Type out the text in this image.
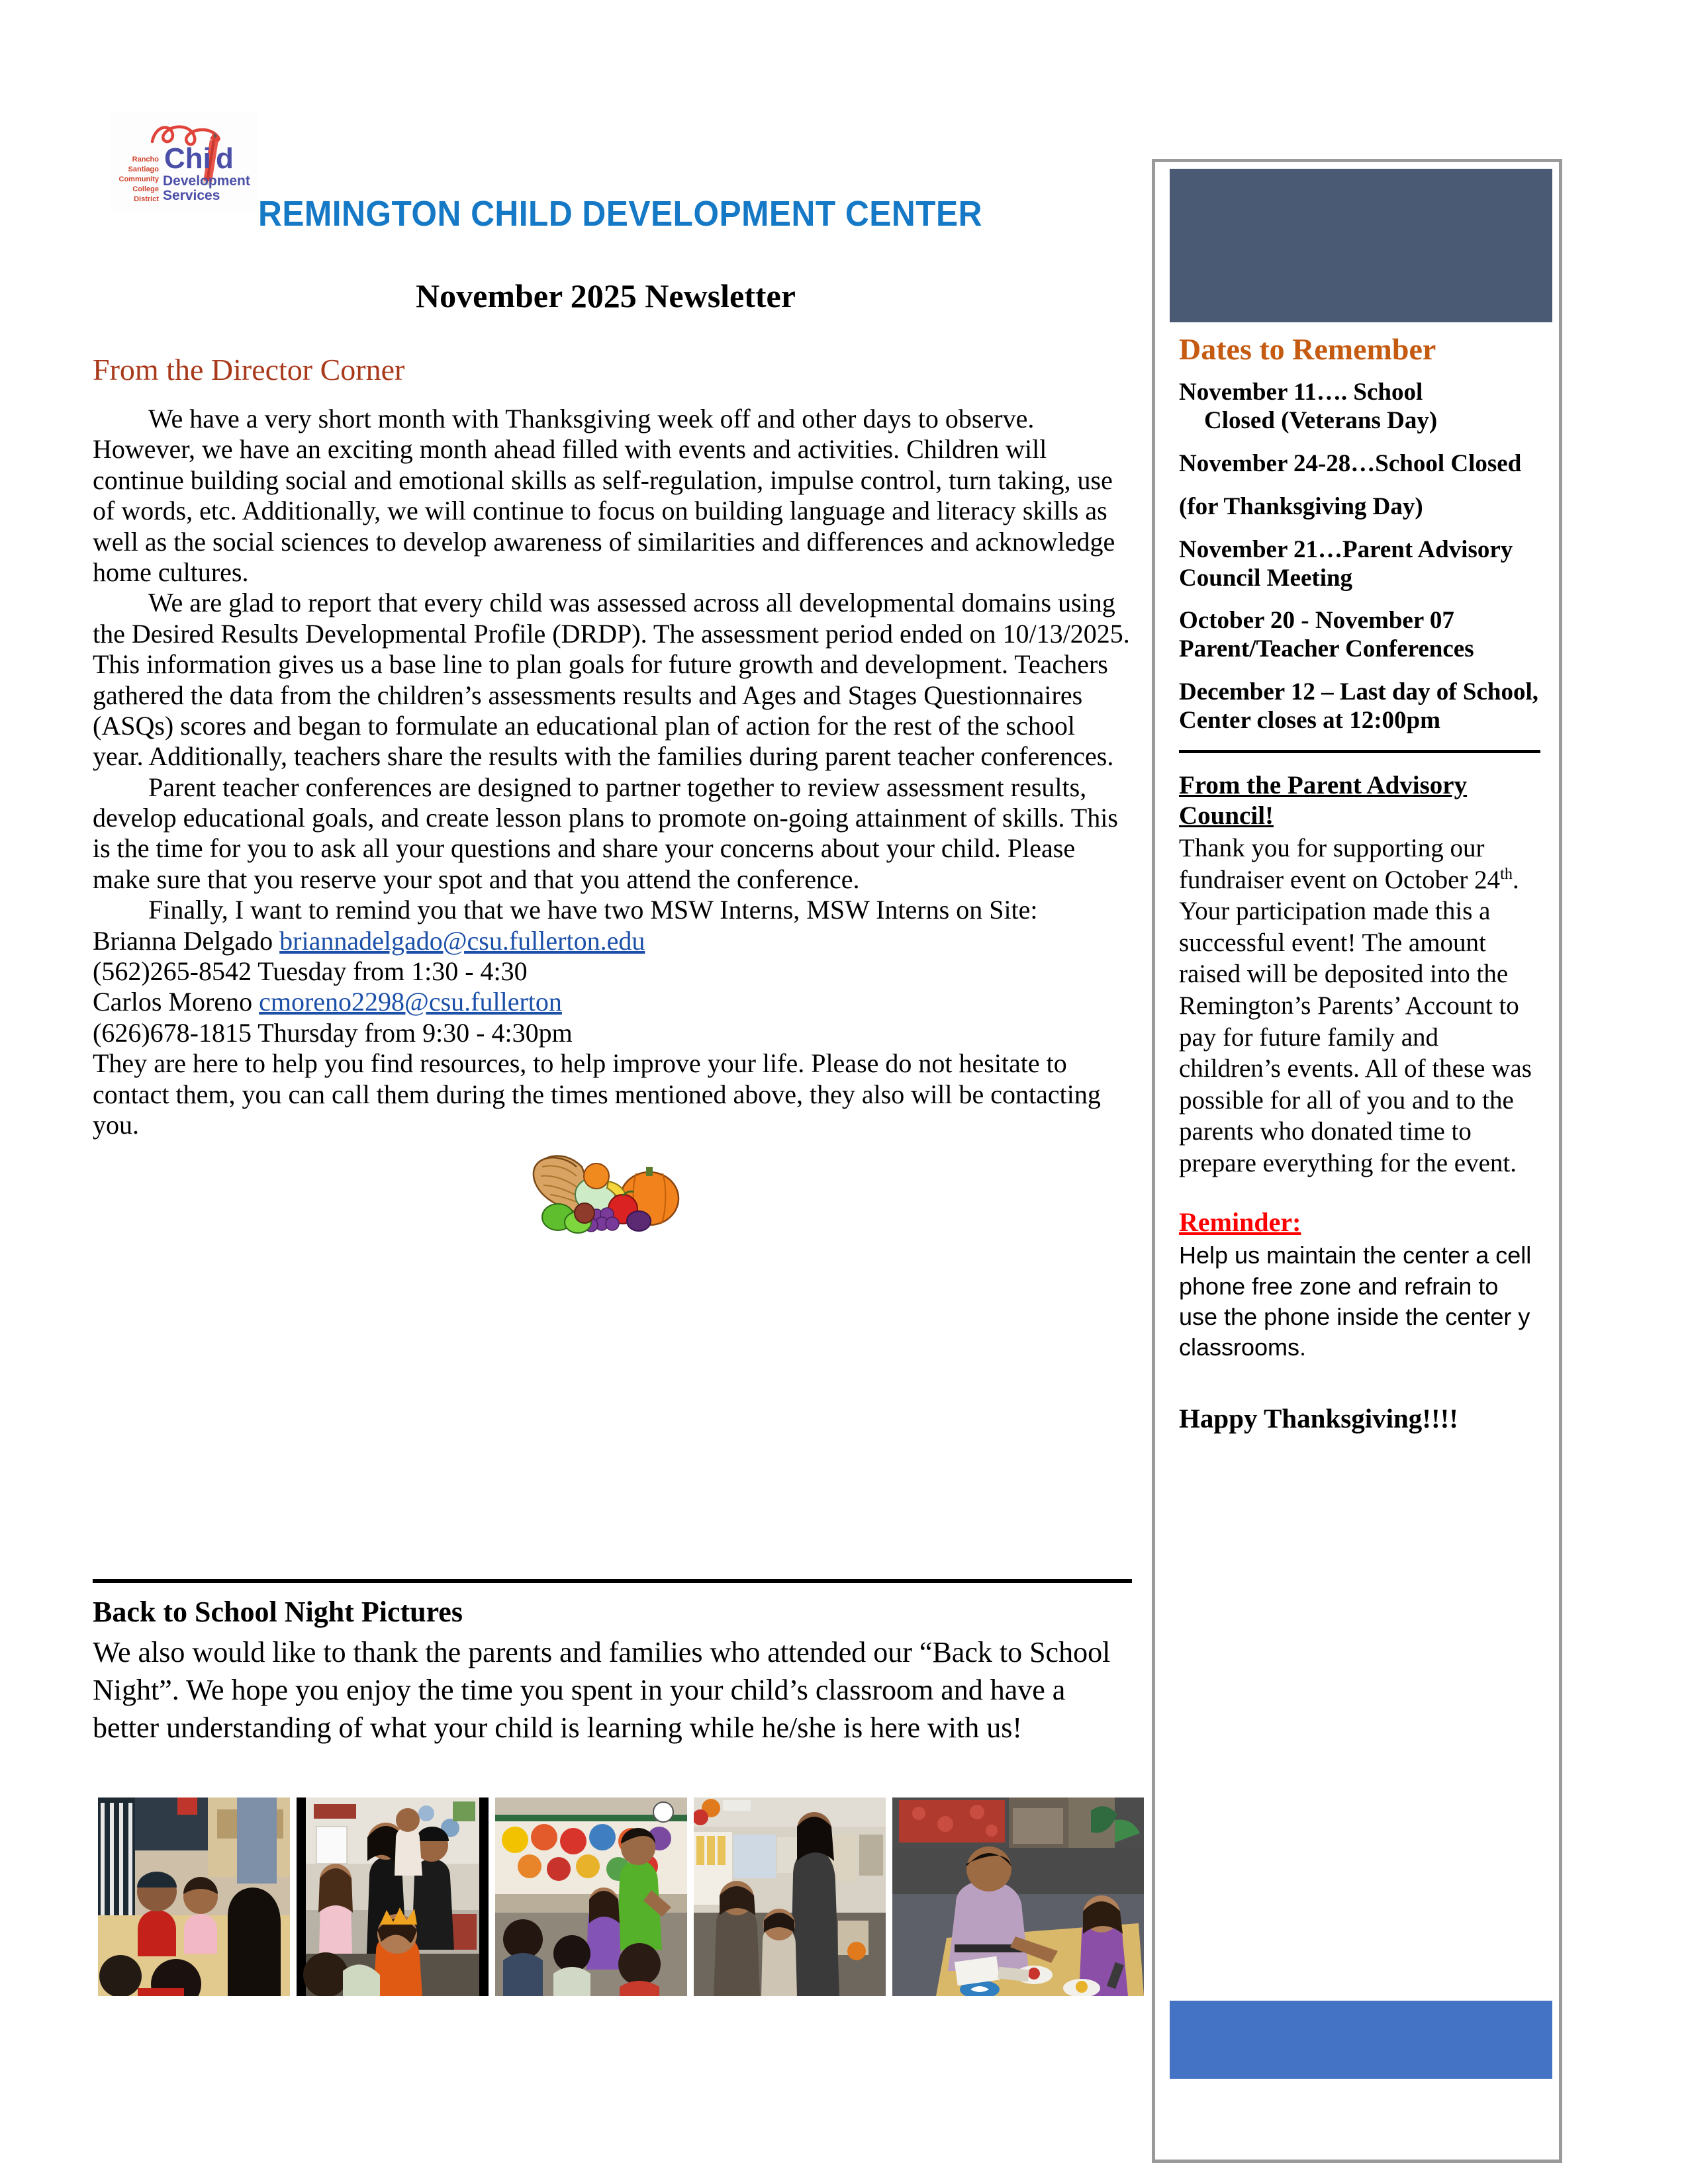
Chi d
Development
Services
Rancho
Santiago
Community
College
District	REMINGTON CHILD DEVELOPMENT CENTER
November 2025 Newsletter
From the Director Corner

We have a very short month with Thanksgiving week off and other days to observe. However, we have an exciting month ahead filled with events and activities. Children will continue building social and emotional skills as self-regulation, impulse control, turn taking, use of words, etc. Additionally, we will continue to focus on building language and literacy skills as well as the social sciences to develop awareness of similarities and differences and acknowledge home cultures.

We are glad to report that every child was assessed across all developmental domains using the Desired Results Developmental Profile (DRDP). The assessment period ended on 10/13/2025. This information gives us a base line to plan goals for future growth and development. Teachers gathered the data from the children’s assessments results and Ages and Stages Questionnaires (ASQs) scores and began to formulate an educational plan of action for the rest of the school year. Additionally, teachers share the results with the families during parent teacher conferences.

Parent teacher conferences are designed to partner together to review assessment results, develop educational goals, and create lesson plans to promote on-going attainment of skills. This is the time for you to ask all your questions and share your concerns about your child. Please make sure that you reserve your spot and that you attend the conference.

Finally, I want to remind you that we have two MSW Interns, MSW Interns on Site:

Brianna Delgado briannadelgado@csu.fullerton.edu

(562)265-8542 Tuesday from 1:30 - 4:30

Carlos Moreno cmoreno2298@csu.fullerton

(626)678-1815 Thursday from 9:30 - 4:30pm

They are here to help you find resources, to help improve your life. Please do not hesitate to contact them, you can call them during the times mentioned above, they also will be contacting you.

Back to School Night Pictures
We also would like to thank the parents and families who attended our “Back to School Night”. We hope you enjoy the time you spent in your child’s classroom and have a better understanding of what your child is learning while he/she is here with us!
Dates to Remember
November 11…. School
Closed (Veterans Day)
November 24-28…School Closed
(for Thanksgiving Day)
November 21…Parent Advisory Council Meeting
October 20 - November 07 Parent/Teacher Conferences
December 12 – Last day of School, Center closes at 12:00pm
From the Parent Advisory Council!
Thank you for supporting our fundraiser event on October 24th. Your participation made this a successful event! The amount raised will be deposited into the Remington’s Parents’ Account to pay for future family and children’s events. All of these was possible for all of you and to the parents who donated time to prepare everything for the event.
Reminder:
Help us maintain the center a cell phone free zone and refrain to use the phone inside the center y classrooms.
Happy Thanksgiving!!!!
